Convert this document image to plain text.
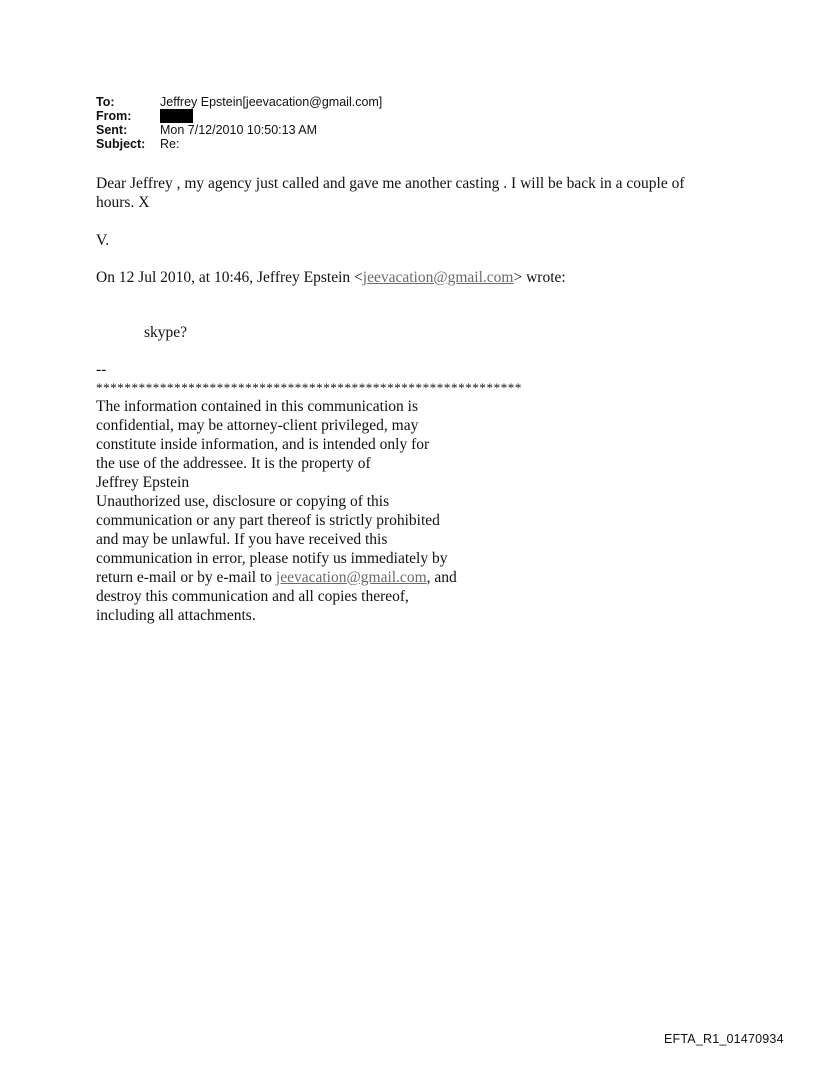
To:	Jeffrey Epstein[jeevacation@gmail.com]
From:
Sent:	Mon 7/12/2010 10:50:13 AM
Subject:	Re:
Dear Jeffrey , my agency just called and gave me another casting . I will be back in a couple of
hours. X
V.
On 12 Jul 2010, at 10:46, Jeffrey Epstein <jeevacation@gmail.com> wrote:
skype?
--
************************************************************
The information contained in this communication is
confidential, may be attorney-client privileged, may
constitute inside information, and is intended only for
the use of the addressee. It is the property of
Jeffrey Epstein
Unauthorized use, disclosure or copying of this
communication or any part thereof is strictly prohibited
and may be unlawful. If you have received this
communication in error, please notify us immediately by
return e-mail or by e-mail to jeevacation@gmail.com, and
destroy this communication and all copies thereof,
including all attachments.
EFTA_R1_01470934
